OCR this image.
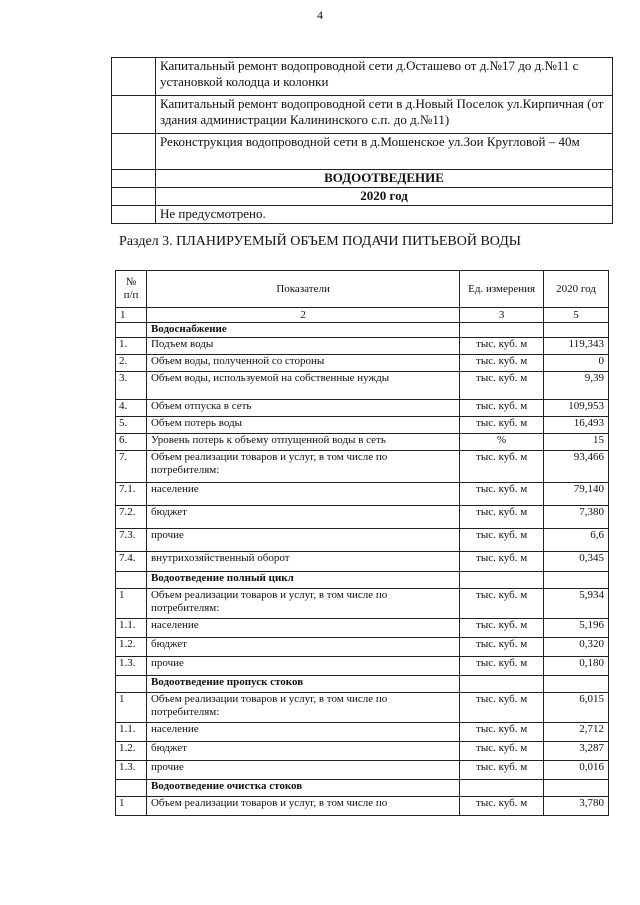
4
	Капитальный ремонт водопроводной сети д.Осташево от д.№17 до д.№11 с установкой колодца и колонки
	Капитальный ремонт водопроводной сети в д.Новый Поселок ул.Кирпичная (от здания администрации Калининского с.п. до д.№11)
	Реконструкция водопроводной сети в д.Мошенское ул.Зои Кругловой – 40м
	ВОДООТВЕДЕНИЕ
	2020 год
	Не предусмотрено.
Раздел 3. ПЛАНИРУЕМЫЙ ОБЪЕМ ПОДАЧИ ПИТЬЕВОЙ ВОДЫ
№ п/п	Показатели	Ед. измерения	2020 год
1	2	3	5
	Водоснабжение		
1.	Подъем воды	тыс. куб. м	119,343
2.	Объем воды, полученной со стороны	тыс. куб. м	0
3.	Объем воды, используемой на собственные нужды	тыс. куб. м	9,39
4.	Объем отпуска в сеть	тыс. куб. м	109,953
5.	Объем потерь воды	тыс. куб. м	16,493
6.	Уровень потерь к объему отпущенной воды в сеть	%	15
7.	Объем реализации товаров и услуг, в том числе по потребителям:	тыс. куб. м	93,466
7.1.	население	тыс. куб. м	79,140
7.2.	бюджет	тыс. куб. м	7,380
7.3.	прочие	тыс. куб. м	6,6
7.4.	внутрихозяйственный оборот	тыс. куб. м	0,345
	Водоотведение полный цикл		
1	Объем реализации товаров и услуг, в том числе по потребителям:	тыс. куб. м	5,934
1.1.	население	тыс. куб. м	5,196
1.2.	бюджет	тыс. куб. м	0,320
1.3.	прочие	тыс. куб. м	0,180
	Водоотведение пропуск стоков		
1	Объем реализации товаров и услуг, в том числе по потребителям:	тыс. куб. м	6,015
1.1.	население	тыс. куб. м	2,712
1.2.	бюджет	тыс. куб. м	3,287
1.3.	прочие	тыс. куб. м	0,016
	Водоотведение очистка стоков		
1	Объем реализации товаров и услуг, в том числе по	тыс. куб. м	3,780
